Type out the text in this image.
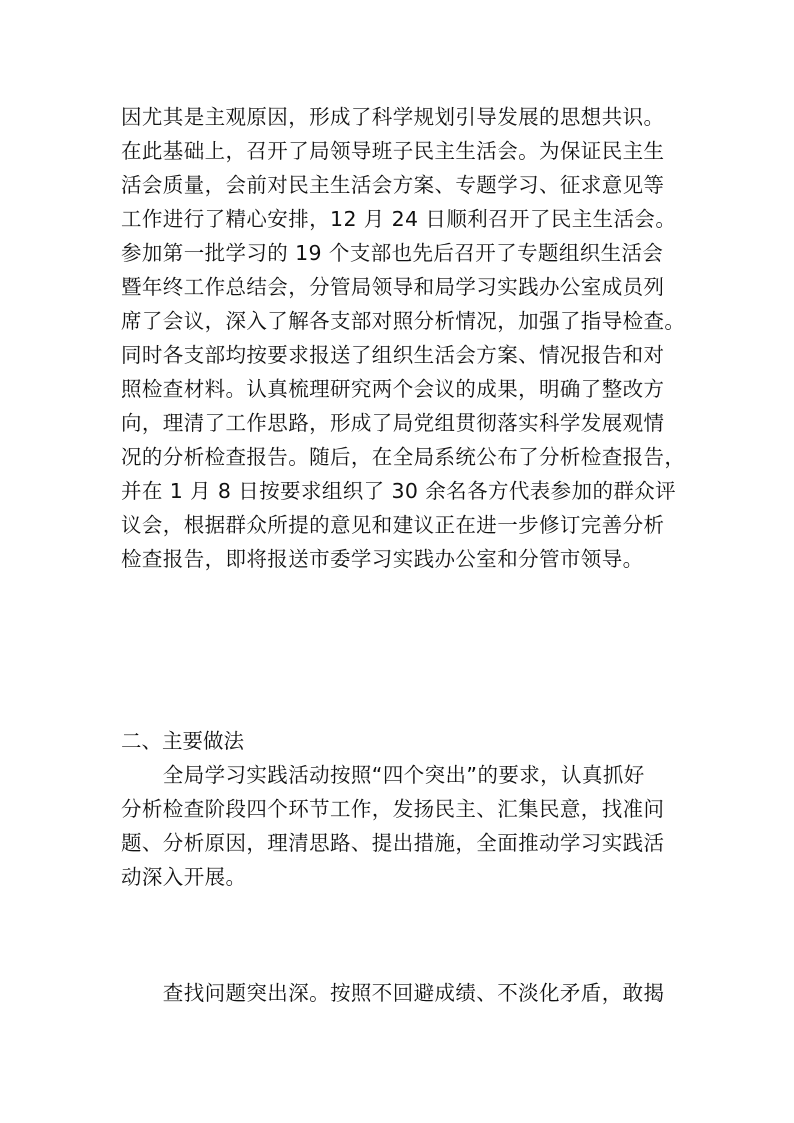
因尤其是主观原因，形成了科学规划引导发展的思想共识。
在此基础上，召开了局领导班子民主生活会。为保证民主生
活会质量，会前对民主生活会方案、专题学习、征求意见等
工作进行了精心安排，12 月 24 日顺利召开了民主生活会。
参加第一批学习的 19 个支部也先后召开了专题组织生活会
暨年终工作总结会，分管局领导和局学习实践办公室成员列
席了会议，深入了解各支部对照分析情况，加强了指导检查。
同时各支部均按要求报送了组织生活会方案、情况报告和对
照检查材料。认真梳理研究两个会议的成果，明确了整改方
向，理清了工作思路，形成了局党组贯彻落实科学发展观情
况的分析检查报告。随后，在全局系统公布了分析检查报告，
并在 1 月 8 日按要求组织了 30 余名各方代表参加的群众评
议会，根据群众所提的意见和建议正在进一步修订完善分析
检查报告，即将报送市委学习实践办公室和分管市领导。
二、主要做法
　　全局学习实践活动按照“四个突出”的要求，认真抓好
分析检查阶段四个环节工作，发扬民主、汇集民意，找准问
题、分析原因，理清思路、提出措施，全面推动学习实践活
动深入开展。
　　查找问题突出深。按照不回避成绩、不淡化矛盾，敢揭
